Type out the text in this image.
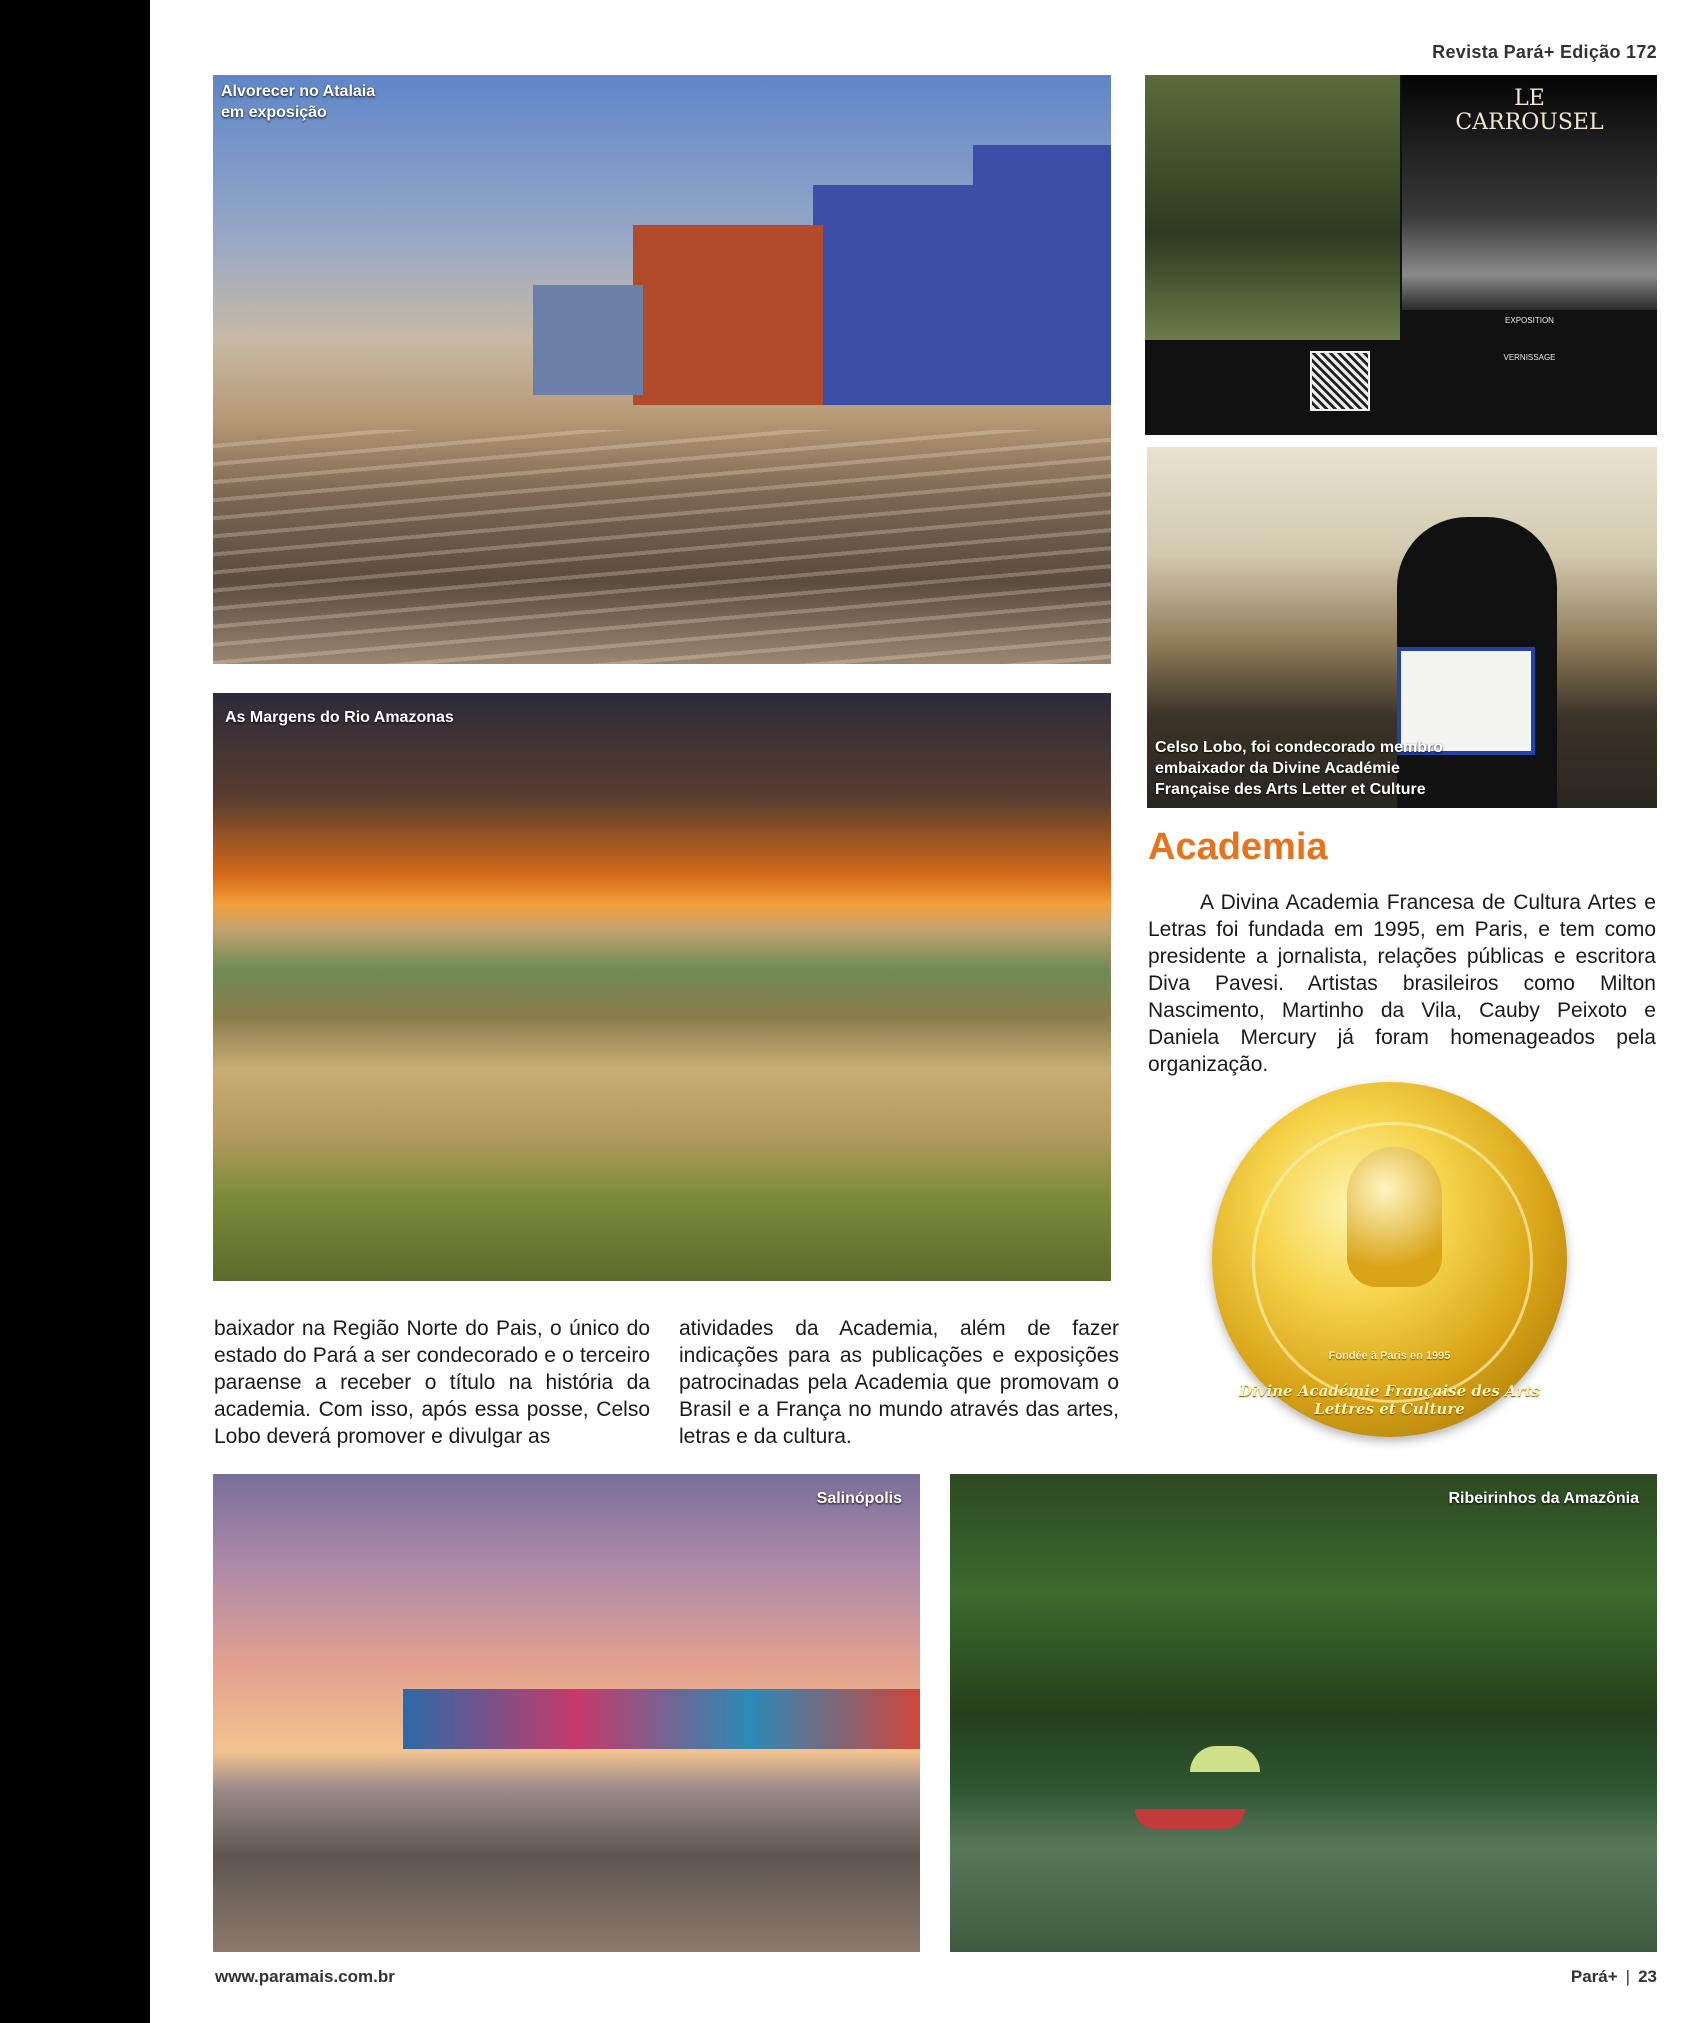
Revista Pará+ Edição 172
Alvorecer no Atalaia
em exposição
LE
CARROUSEL
EXPOSITION
VERNISSAGE
Celso Lobo, foi condecorado membro
embaixador da Divine Académie
Française des Arts Letter et Culture
Academia
A Divina Academia Francesa de Cultura Artes e Letras foi fundada em 1995, em Paris, e tem como presidente a jornalista, relações públicas e escritora Diva Pavesi. Artistas brasileiros como Milton Nascimento, Martinho da Vila, Cauby Peixoto e Daniela Mercury já foram homenageados pela organização.
As Margens do Rio Amazonas
Fondée à Paris en 1995
Divine Académie Française des Arts Lettres et Culture
baixador na Região Norte do Pais, o único do estado do Pará a ser condecorado e o terceiro paraense a receber o título na história da academia. Com isso, após essa posse, Celso Lobo deverá promover e divulgar as
atividades da Academia, além de fazer indicações para as publicações e exposições patrocinadas pela Academia que promovam o Brasil e a França no mundo através das artes, letras e da cultura.
Salinópolis	Ribeirinhos da Amazônia
www.paramais.com.br	Pará+ | 23
